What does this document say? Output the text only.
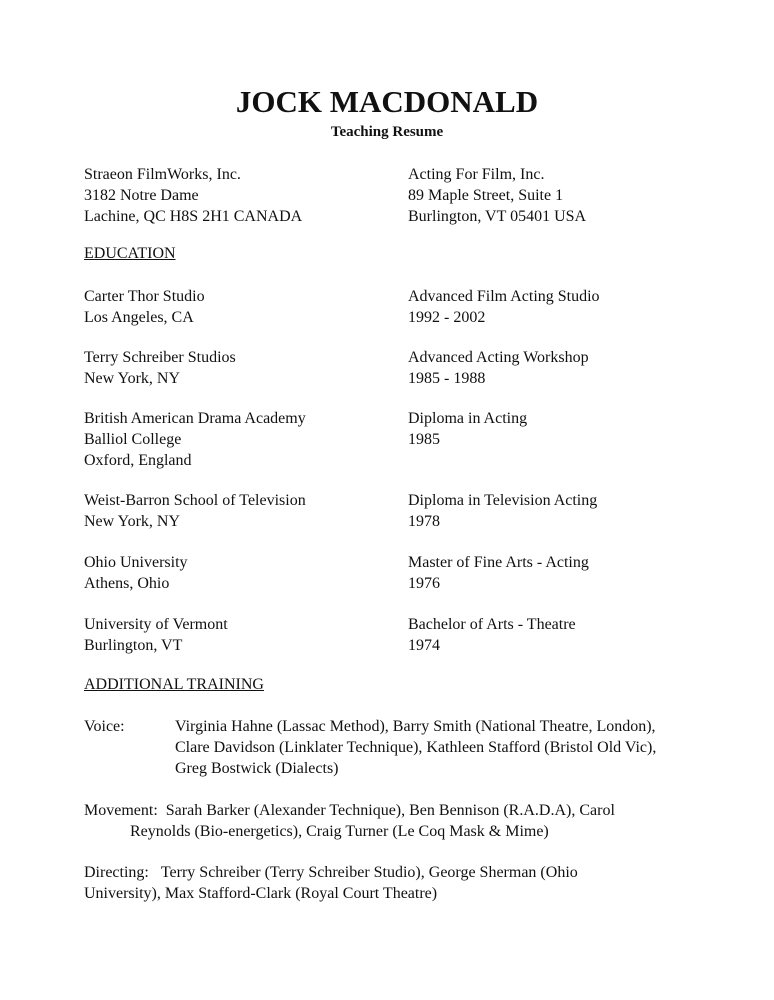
JOCK MACDONALD
Teaching Resume
Straeon FilmWorks, Inc.
3182 Notre Dame
Lachine, QC H8S 2H1 CANADA
Acting For Film, Inc.
89 Maple Street, Suite 1
Burlington, VT 05401 USA
EDUCATION
Carter Thor Studio
Los Angeles, CA
Advanced Film Acting Studio
1992 - 2002
Terry Schreiber Studios
New York, NY
Advanced Acting Workshop
1985 - 1988
British American Drama Academy
Balliol College
Oxford, England
Diploma in Acting
1985
Weist-Barron School of Television
New York, NY
Diploma in Television Acting
1978
Ohio University
Athens, Ohio
Master of Fine Arts - Acting
1976
University of Vermont
Burlington, VT
Bachelor of Arts - Theatre
1974
ADDITIONAL TRAINING
Voice:	Virginia Hahne (Lassac Method), Barry Smith (National Theatre, London),
Clare Davidson (Linklater Technique), Kathleen Stafford (Bristol Old Vic),
Greg Bostwick (Dialects)
Movement: Sarah Barker (Alexander Technique), Ben Bennison (R.A.D.A), Carol
Reynolds (Bio-energetics), Craig Turner (Le Coq Mask & Mime)
Directing: Terry Schreiber (Terry Schreiber Studio), George Sherman (Ohio
University), Max Stafford-Clark (Royal Court Theatre)
